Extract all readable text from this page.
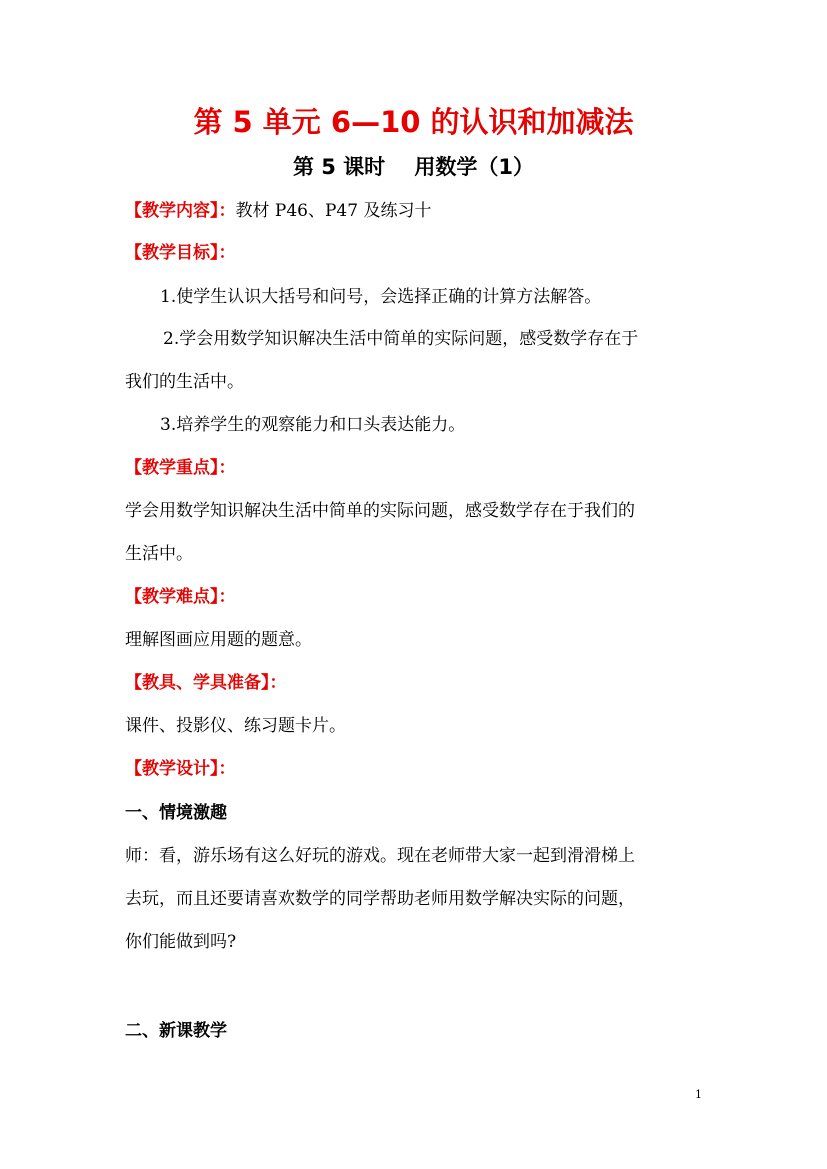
第 5 单元 6—10 的认识和加减法
第 5 课时    用数学（1）
【教学内容】：教材 P46、P47 及练习十
【教学目标】：
1.使学生认识大括号和问号，会选择正确的计算方法解答。
2.学会用数学知识解决生活中简单的实际问题，感受数学存在于
我们的生活中。
3.培养学生的观察能力和口头表达能力。
【教学重点】：
学会用数学知识解决生活中简单的实际问题，感受数学存在于我们的
生活中。
【教学难点】：
理解图画应用题的题意。
【教具、学具准备】：
课件、投影仪、练习题卡片。
【教学设计】：
一、情境激趣
师：看，游乐场有这么好玩的游戏。现在老师带大家一起到滑滑梯上
去玩，而且还要请喜欢数学的同学帮助老师用数学解决实际的问题，
你们能做到吗?
二、新课教学
1
